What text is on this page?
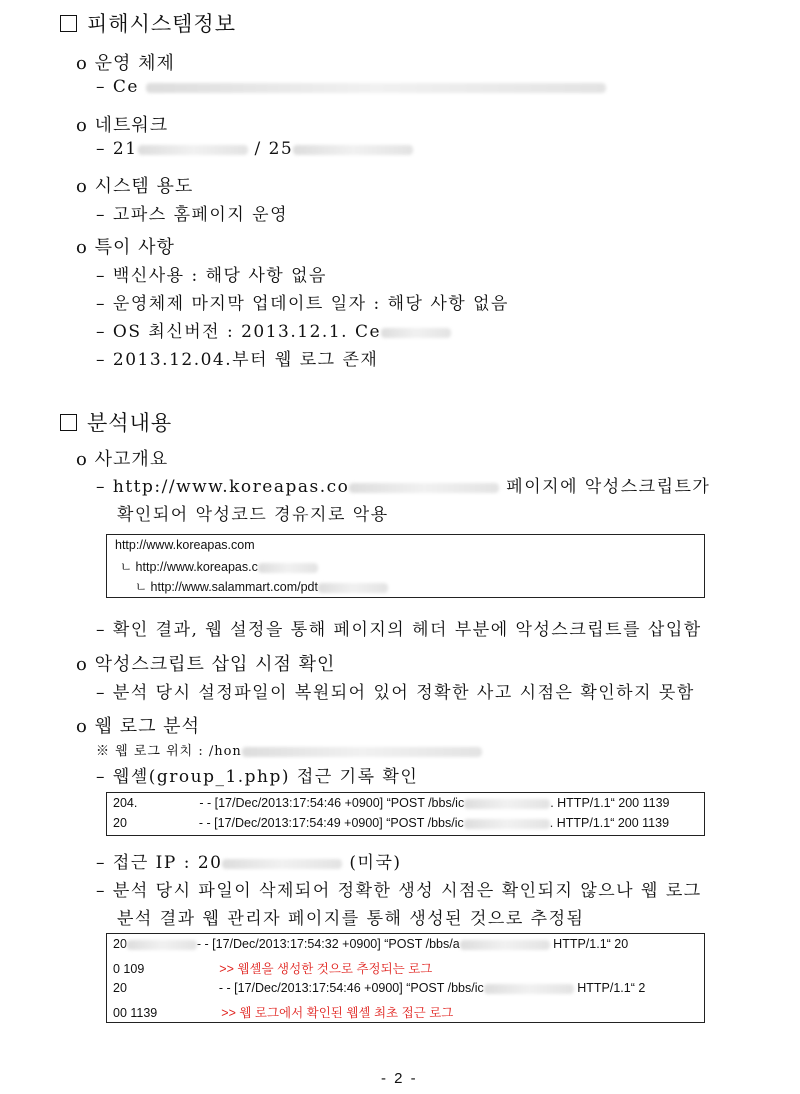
피해시스템정보
o 운영 체제
– Ce
o 네트워크
– 21	/ 25
o 시스템 용도
– 고파스 홈페이지 운영
o 특이 사항
– 백신사용 : 해당 사항 없음
– 운영체제 마지막 업데이트 일자 : 해당 사항 없음
– OS 최신버전 : 2013.12.1. Ce
– 2013.12.04.부터 웹 로그 존재
분석내용
o 사고개요
– http://www.koreapas.co	페이지에 악성스크립트가
확인되어 악성코드 경유지로 악용
http://www.koreapas.com
ㄴ http://www.koreapas.c
ㄴ http://www.salammart.com/pdt
– 확인 결과, 웹 설정을 통해 페이지의 헤더 부분에 악성스크립트를 삽입함
o 악성스크립트 삽입 시점 확인
– 분석 당시 설정파일이 복원되어 있어 정확한 사고 시점은 확인하지 못함
o 웹 로그 분석
※ 웹 로그 위치 : /hon
– 웹셸(group_1.php) 접근 기록 확인
204.	- - [17/Dec/2013:17:54:46 +0900] “POST /bbs/ic	. HTTP/1.1“ 200 1139
20	- - [17/Dec/2013:17:54:49 +0900] “POST /bbs/ic	. HTTP/1.1“ 200 1139
– 접근 IP : 20	(미국)
– 분석 당시 파일이 삭제되어 정확한 생성 시점은 확인되지 않으나 웹 로그
분석 결과 웹 관리자 페이지를 통해 생성된 것으로 추정됨
20	- - [17/Dec/2013:17:54:32 +0900] “POST /bbs/a	HTTP/1.1“ 20
0 109	>> 웹셸을 생성한 것으로 추정되는 로그
20	- - [17/Dec/2013:17:54:46 +0900] “POST /bbs/ic	HTTP/1.1“ 2
00 1139	>> 웹 로그에서 확인된 웹셸 최초 접근 로그
- 2 -
